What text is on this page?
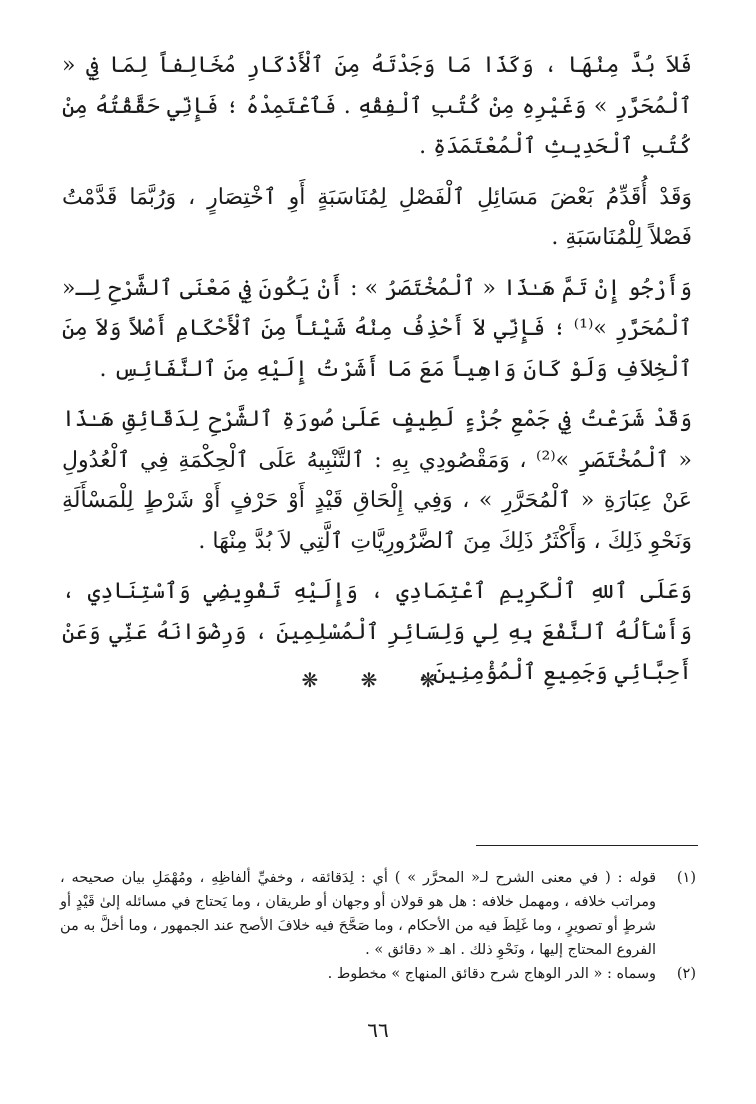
فَلاَ بُدَّ مِنْهَا ، وَكَذَا مَا وَجَدْتَهُ مِنَ ٱلْأَذْكَارِ مُخَالِفاً لِمَا فِي « ٱلْمُحَرَّرِ » وَغَيْرِهِ مِنْ كُتُبِ ٱلْفِقْهِ . فَٱعْتَمِدْهُ ؛ فَإِنِّي حَقَّقْتُهُ مِنْ كُتُبِ ٱلْحَدِيثِ ٱلْمُعْتَمَدَةِ .

وَقَدْ أُقَدِّمُ بَعْضَ مَسَائِلِ ٱلْفَصْلِ لِمُنَاسَبَةٍ أَوِ ٱخْتِصَارٍ ، وَرُبَّمَا قَدَّمْتُ فَصْلاً لِلْمُنَاسَبَةِ .

وَأَرْجُو إِنْ تَمَّ هَـٰذَا « ٱلْمُخْتَصَرُ » : أَنْ يَكُونَ فِي مَعْنَى ٱلشَّرْحِ لِـ« ٱلْمُحَرَّرِ »⁽¹⁾ ؛ فَإِنِّي لاَ أَحْذِفُ مِنْهُ شَيْئاً مِنَ ٱلْأَحْكَامِ أَصْلاً وَلاَ مِنَ ٱلْخِلاَفِ وَلَوْ كَانَ وَاهِياً مَعَ مَا أَشَرْتُ إِلَيْهِ مِنَ ٱلنَّفَائِسِ .

وَقَدْ شَرَعْتُ فِي جَمْعِ جُزْءٍ لَطِيفٍ عَلَىٰ صُورَةِ ٱلشَّرْحِ لِدَقَائِقِ هَـٰذَا « ٱلْمُخْتَصَرِ »⁽²⁾ ، وَمَقْصُودِي بِهِ : ٱلتَّنْبِيهُ عَلَى ٱلْحِكْمَةِ فِي ٱلْعُدُولِ عَنْ عِبَارَةِ « ٱلْمُحَرَّرِ » ، وَفِي إِلْحَاقِ قَيْدٍ أَوْ حَرْفٍ أَوْ شَرْطٍ لِلْمَسْأَلَةِ وَنَحْوِ ذَلِكَ ، وَأَكْثَرُ ذَلِكَ مِنَ ٱلضَّرُورِيَّاتِ ٱلَّتِي لاَ بُدَّ مِنْهَا .

وَعَلَى ٱللهِ ٱلْكَرِيمِ ٱعْتِمَادِي ، وَإِلَيْهِ تَفْوِيضِي وَٱسْتِنَادِي ، وَأَسْأَلُهُ ٱلنَّفْعَ بِهِ لِي وَلِسَائِرِ ٱلْمُسْلِمِينَ ، وَرِضْوَانَهُ عَنِّي وَعَنْ أَحِبَّائِي وَجَمِيعِ ٱلْمُؤْمِنِينَ .

❋ ❋ ❋

(١)
قوله : ( في معنى الشرح لـ« المحرَّر » ) أي : لِدَقائقه ، وخفيِّ ألفاظِهِ ، ومُهْمَلِ بيان صحيحه ، ومراتب خلافه ، ومهمل خلافه : هل هو قولان أو وجهان أو طريقان ، وما يَحتاج في مسائله إلىٰ قَيْدٍ أو شرطٍ أو تصويرٍ ، وما غَلِطَ فيه من الأحكام ، وما صَحَّحَ فيه خلافَ الأصح عند الجمهور ، وما أخلَّ به من الفروع المحتاج إليها ، ونَحْوِ ذلك . اهـ « دقائق » .

(٢)
وسماه : « الدر الوهاج شرح دقائق المنهاج » مخطوط .

٦٦
